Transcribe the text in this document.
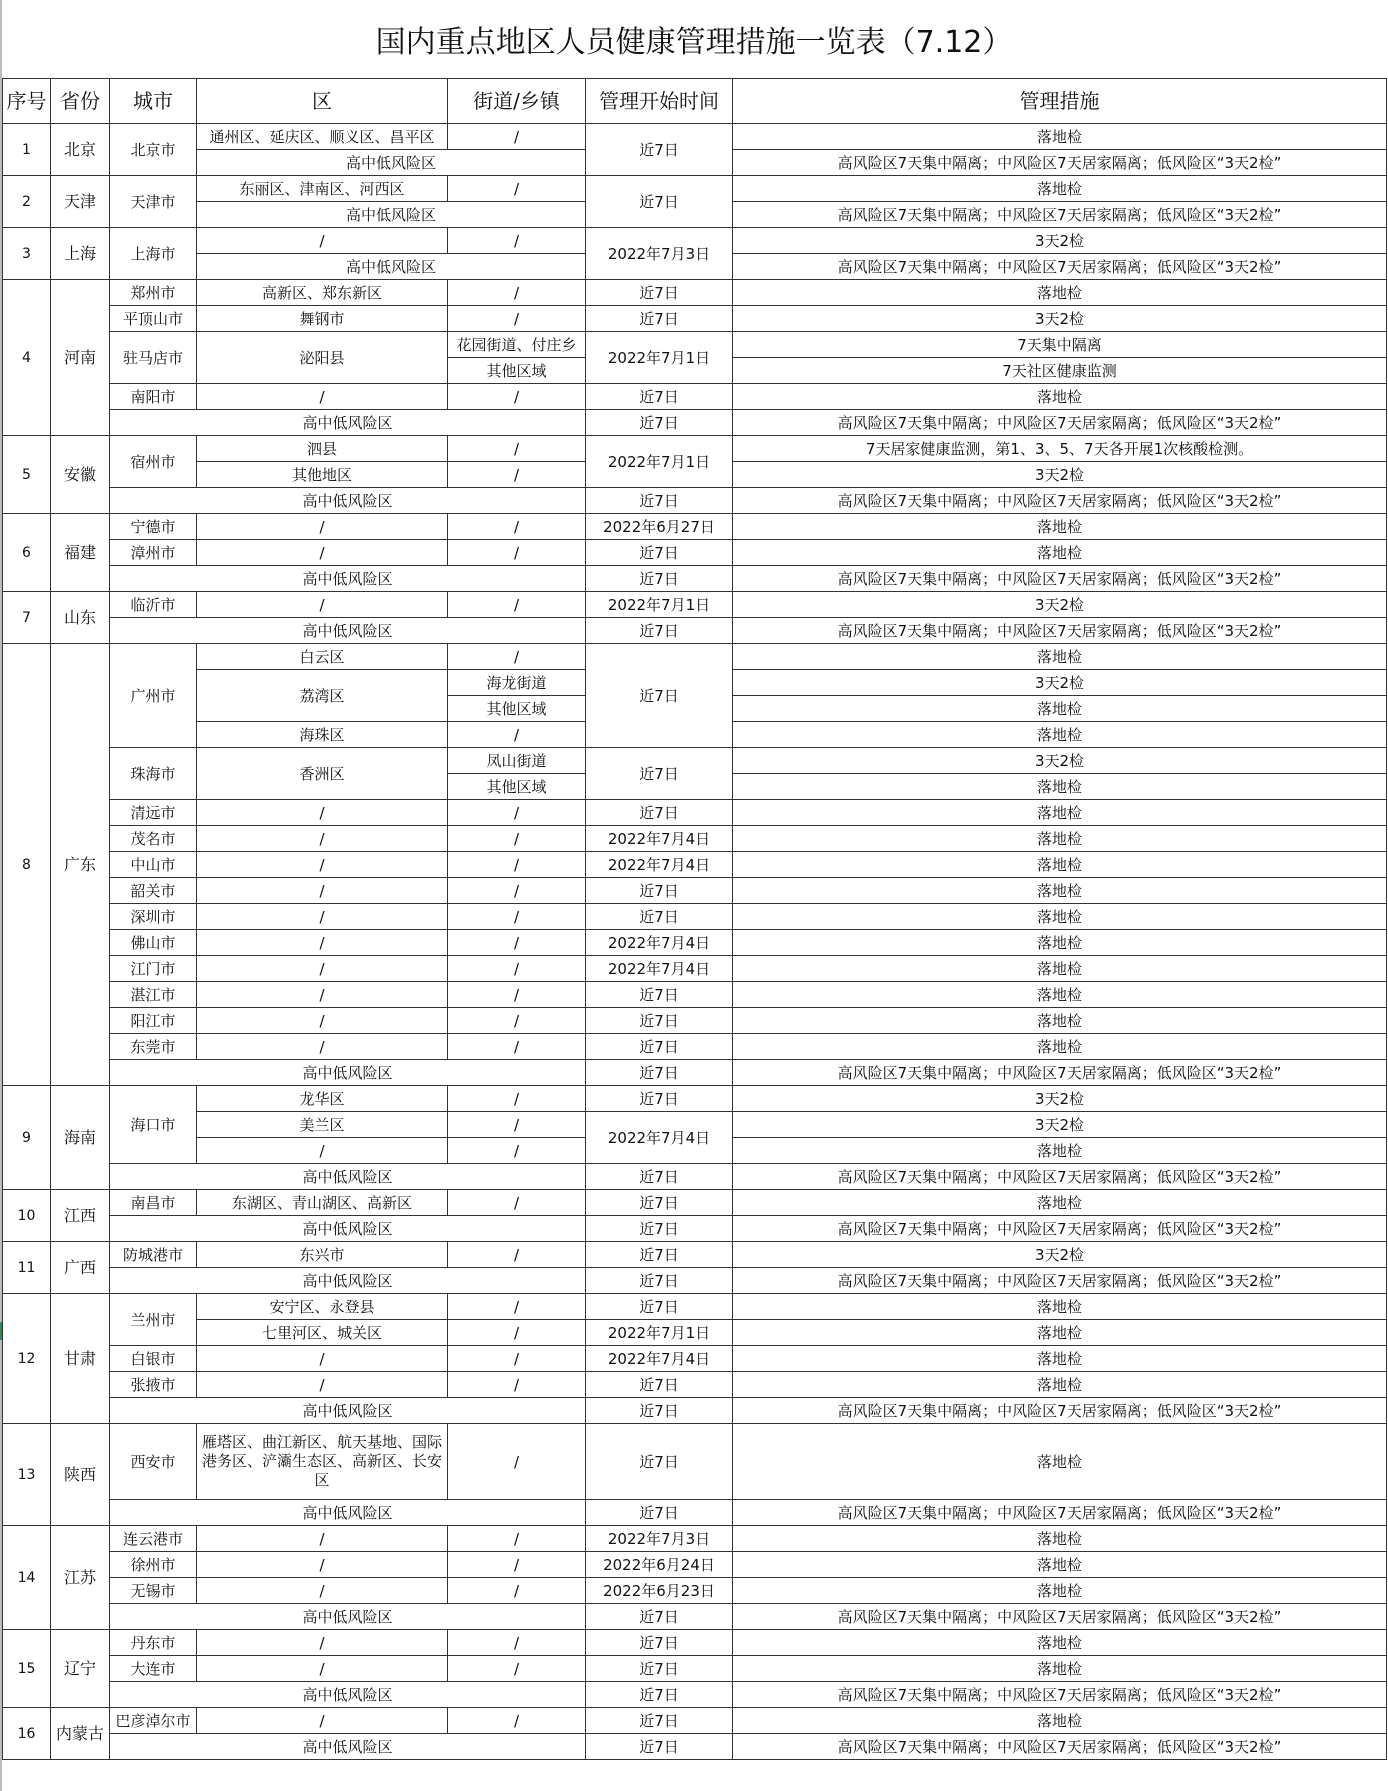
国内重点地区人员健康管理措施一览表（7.12）
序号	省份	城市	区	街道/乡镇	管理开始时间	管理措施
1	北京	北京市	通州区、延庆区、顺义区、昌平区	/	近7日	落地检
			高中低风险区			高风险区7天集中隔离；中风险区7天居家隔离；低风险区“3天2检”
2	天津	天津市	东丽区、津南区、河西区	/	近7日	落地检
			高中低风险区			高风险区7天集中隔离；中风险区7天居家隔离；低风险区“3天2检”
3	上海	上海市	/	/	2022年7月3日	3天2检
			高中低风险区			高风险区7天集中隔离；中风险区7天居家隔离；低风险区“3天2检”
4	河南	郑州市	高新区、郑东新区	/	近7日	落地检
		平顶山市	舞钢市	/	近7日	3天2检
		驻马店市	泌阳县	花园街道、付庄乡	2022年7月1日	7天集中隔离
				其他区域		7天社区健康监测
		南阳市	/	/	近7日	落地检
		高中低风险区			近7日	高风险区7天集中隔离；中风险区7天居家隔离；低风险区“3天2检”
5	安徽	宿州市	泗县	/	2022年7月1日	7天居家健康监测，第1、3、5、7天各开展1次核酸检测。
			其他地区	/		3天2检
		高中低风险区			近7日	高风险区7天集中隔离；中风险区7天居家隔离；低风险区“3天2检”
6	福建	宁德市	/	/	2022年6月27日	落地检
		漳州市	/	/	近7日	落地检
		高中低风险区			近7日	高风险区7天集中隔离；中风险区7天居家隔离；低风险区“3天2检”
7	山东	临沂市	/	/	2022年7月1日	3天2检
		高中低风险区			近7日	高风险区7天集中隔离；中风险区7天居家隔离；低风险区“3天2检”
8	广东	广州市	白云区	/	近7日	落地检
			荔湾区	海龙街道		3天2检
				其他区域		落地检
			海珠区	/		落地检
		珠海市	香洲区	凤山街道	近7日	3天2检
				其他区域		落地检
		清远市	/	/	近7日	落地检
		茂名市	/	/	2022年7月4日	落地检
		中山市	/	/	2022年7月4日	落地检
		韶关市	/	/	近7日	落地检
		深圳市	/	/	近7日	落地检
		佛山市	/	/	2022年7月4日	落地检
		江门市	/	/	2022年7月4日	落地检
		湛江市	/	/	近7日	落地检
		阳江市	/	/	近7日	落地检
		东莞市	/	/	近7日	落地检
		高中低风险区			近7日	高风险区7天集中隔离；中风险区7天居家隔离；低风险区“3天2检”
9	海南	海口市	龙华区	/	近7日	3天2检
			美兰区	/	2022年7月4日	3天2检
			/	/		落地检
		高中低风险区			近7日	高风险区7天集中隔离；中风险区7天居家隔离；低风险区“3天2检”
10	江西	南昌市	东湖区、青山湖区、高新区	/	近7日	落地检
		高中低风险区			近7日	高风险区7天集中隔离；中风险区7天居家隔离；低风险区“3天2检”
11	广西	防城港市	东兴市	/	近7日	3天2检
		高中低风险区			近7日	高风险区7天集中隔离；中风险区7天居家隔离；低风险区“3天2检”
12	甘肃	兰州市	安宁区、永登县	/	近7日	落地检
			七里河区、城关区	/	2022年7月1日	落地检
		白银市	/	/	2022年7月4日	落地检
		张掖市	/	/	近7日	落地检
		高中低风险区			近7日	高风险区7天集中隔离；中风险区7天居家隔离；低风险区“3天2检”
13	陕西	西安市	雁塔区、曲江新区、航天基地、国际港务区、浐灞生态区、高新区、长安区	/	近7日	落地检
		高中低风险区			近7日	高风险区7天集中隔离；中风险区7天居家隔离；低风险区“3天2检”
14	江苏	连云港市	/	/	2022年7月3日	落地检
		徐州市	/	/	2022年6月24日	落地检
		无锡市	/	/	2022年6月23日	落地检
		高中低风险区			近7日	高风险区7天集中隔离；中风险区7天居家隔离；低风险区“3天2检”
15	辽宁	丹东市	/	/	近7日	落地检
		大连市	/	/	近7日	落地检
		高中低风险区			近7日	高风险区7天集中隔离；中风险区7天居家隔离；低风险区“3天2检”
16	内蒙古	巴彦淖尔市	/	/	近7日	落地检
		高中低风险区			近7日	高风险区7天集中隔离；中风险区7天居家隔离；低风险区“3天2检”
